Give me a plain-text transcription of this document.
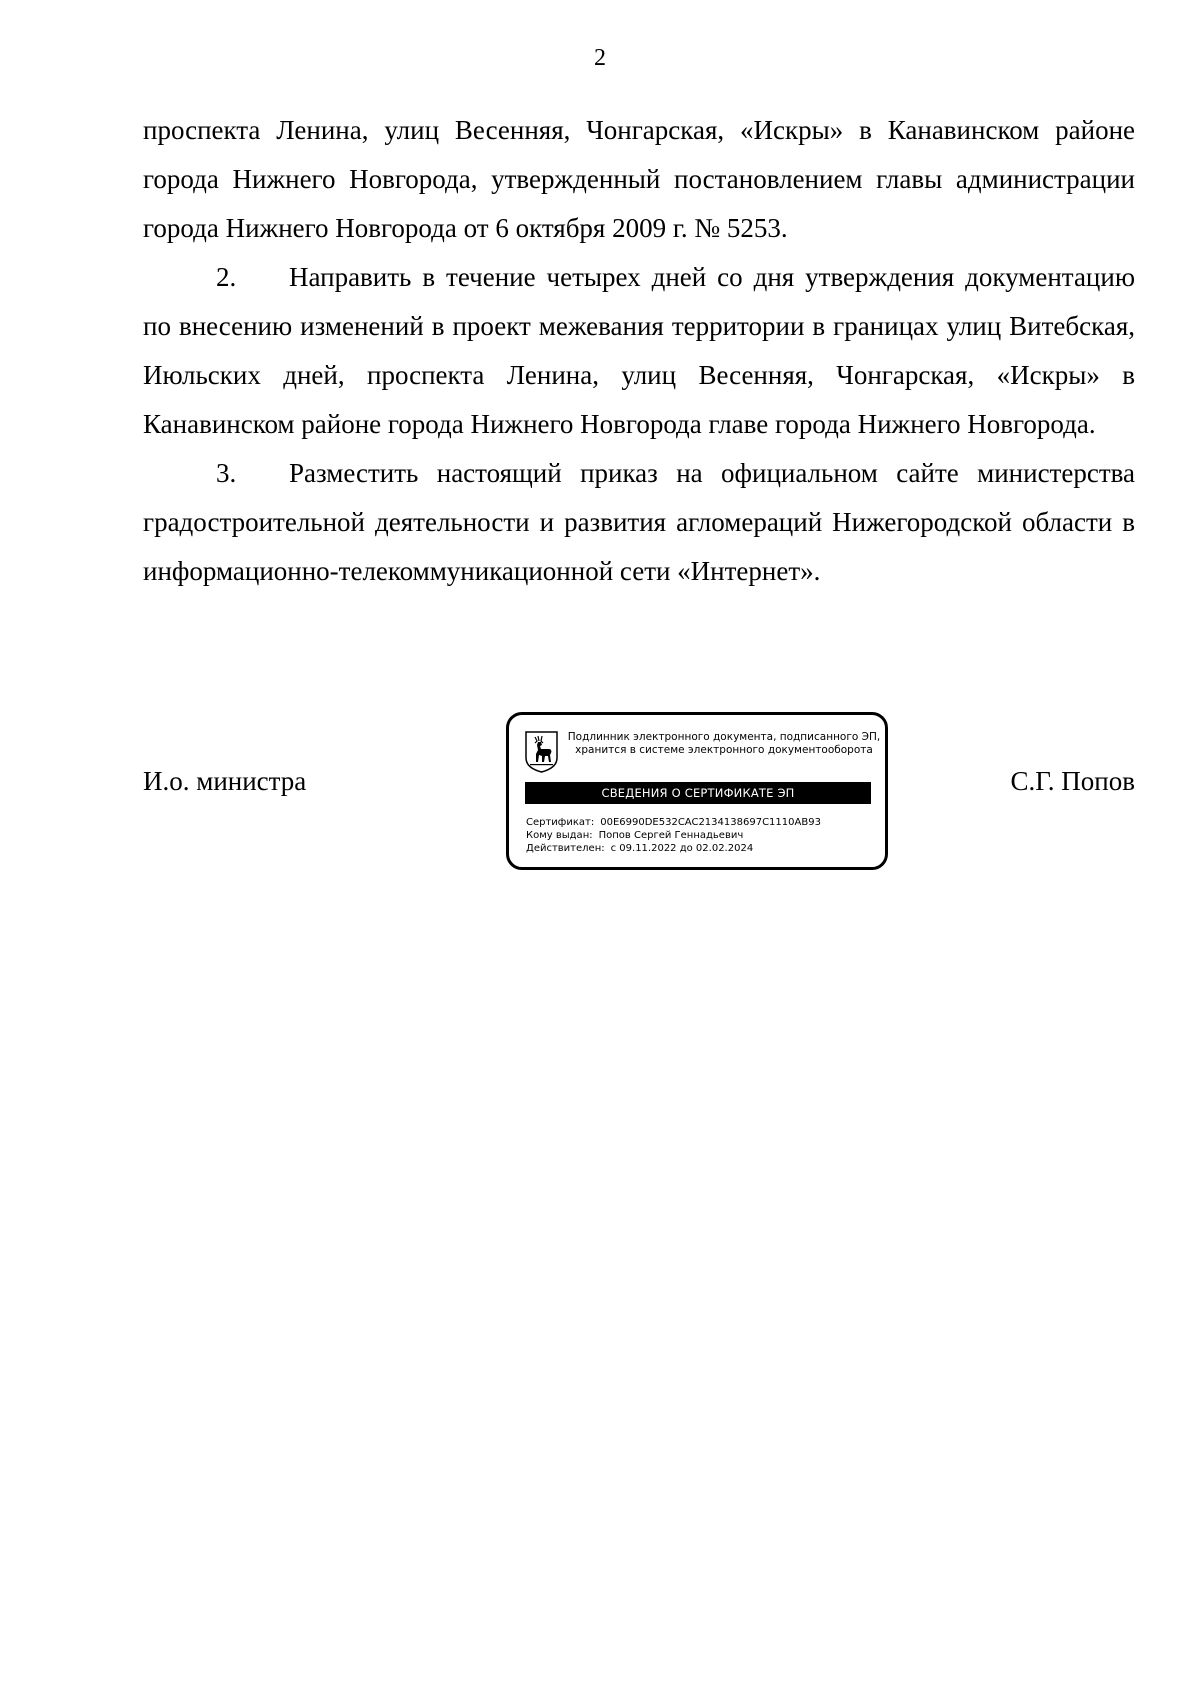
2

проспекта Ленина, улиц Весенняя, Чонгарская, «Искры» в Канавинском районе города Нижнего Новгорода, утвержденный постановлением главы администрации города Нижнего Новгорода от 6 октября 2009 г. № 5253.

2. Направить в течение четырех дней со дня утверждения документацию по внесению изменений в проект межевания территории в границах улиц Витебская, Июльских дней, проспекта Ленина, улиц Весенняя, Чонгарская, «Искры» в Канавинском районе города Нижнего Новгорода главе города Нижнего Новгорода.

3. Разместить настоящий приказ на официальном сайте министерства градостроительной деятельности и развития агломераций Нижегородской области в информационно-телекоммуникационной сети «Интернет».

И.о. министра
Подлинник электронного документа, подписанного ЭП,
хранится в системе электронного документооборота
СВЕДЕНИЯ О СЕРТИФИКАТЕ ЭП
Сертификат: 00E6990DE532CAC2134138697C1110AB93
Кому выдан: Попов Сергей Геннадьевич
Действителен: с 09.11.2022 до 02.02.2024
С.Г. Попов
